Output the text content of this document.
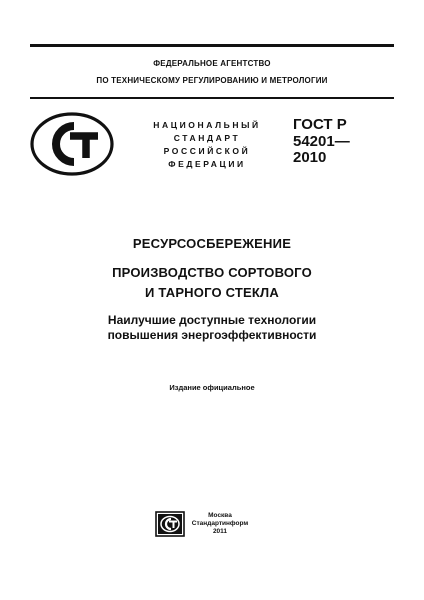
ФЕДЕРАЛЬНОЕ АГЕНТСТВО
ПО ТЕХНИЧЕСКОМУ РЕГУЛИРОВАНИЮ И МЕТРОЛОГИИ
НАЦИОНАЛЬНЫЙ
СТАНДАРТ
РОССИЙСКОЙ
ФЕДЕРАЦИИ
ГОСТ Р
54201—
2010
РЕСУРСОСБЕРЕЖЕНИЕ
ПРОИЗВОДСТВО СОРТОВОГО
И ТАРНОГО СТЕКЛА
Наилучшие доступные технологии
повышения энергоэффективности
Издание официальное
Москва
Стандартинформ
2011
